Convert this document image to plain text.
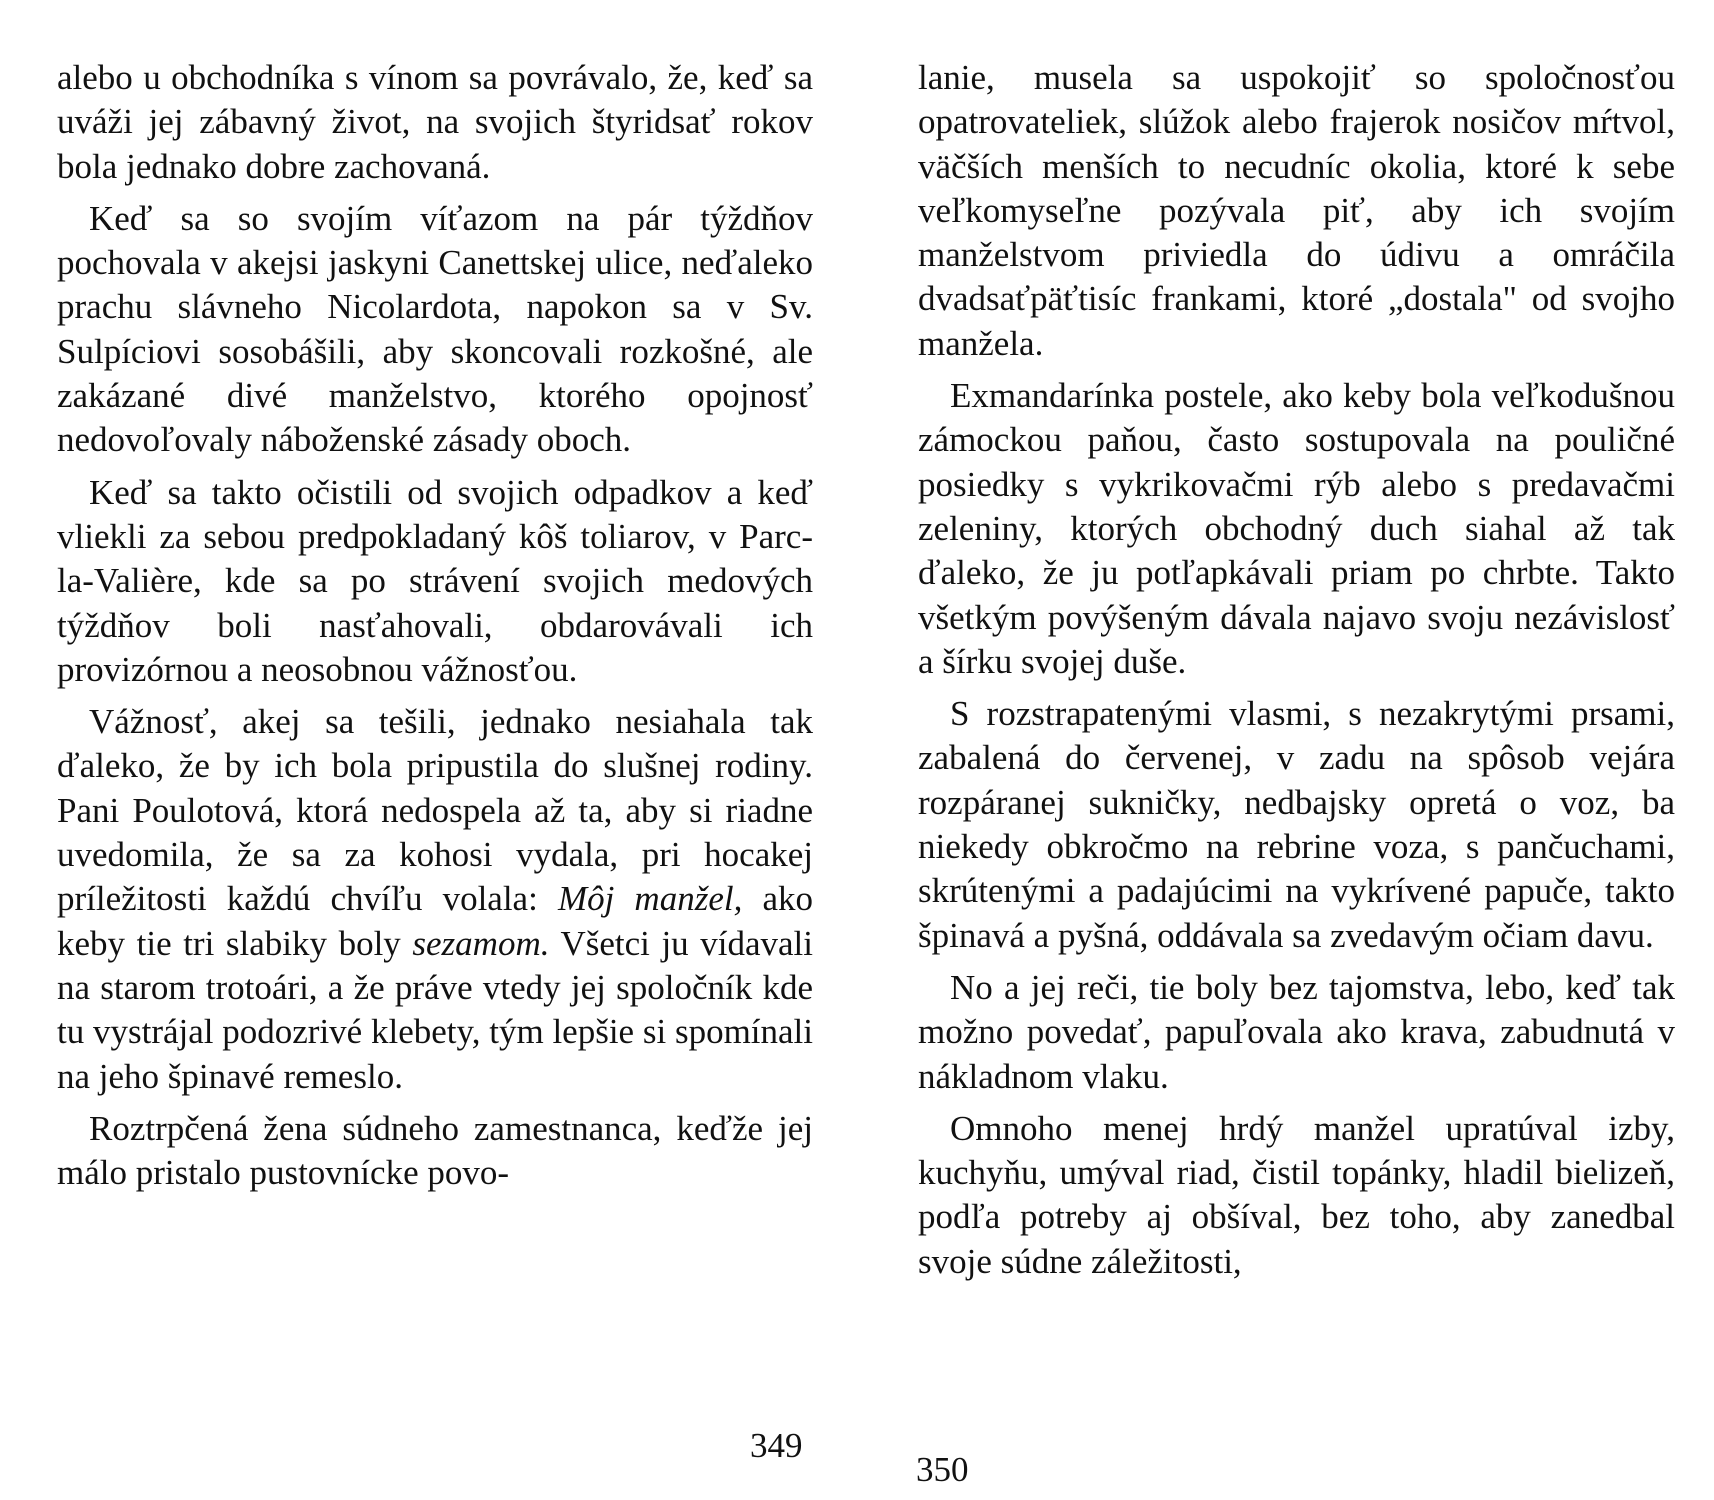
alebo u obchodníka s vínom sa povrávalo, že, keď sa uváži jej zábavný život, na svojich štyridsať rokov bola jednako dobre zachovaná.

Keď sa so svojím víťazom na pár týždňov pochovala v akejsi jaskyni Canettskej ulice, neďaleko prachu slávneho Nicolardota, napokon sa v Sv. Sulpíciovi sosobášili, aby skoncovali rozkošné, ale zakázané divé manželstvo, ktorého opojnosť nedovoľovaly náboženské zásady oboch.

Keď sa takto očistili od svojich odpadkov a keď vliekli za sebou predpokladaný kôš toliarov, v Parc-la-Valière, kde sa po strávení svojich medových týždňov boli nasťahovali, obdarovávali ich provizórnou a neosobnou vážnosťou.

Vážnosť, akej sa tešili, jednako nesiahala tak ďaleko, že by ich bola pripustila do slušnej rodiny. Pani Poulotová, ktorá nedospela až ta, aby si riadne uvedomila, že sa za kohosi vydala, pri hocakej príležitosti každú chvíľu volala: Môj manžel, ako keby tie tri slabiky boly sezamom. Všetci ju vídavali na starom trotoári, a že práve vtedy jej spoločník kde tu vystrájal podozrivé klebety, tým lepšie si spomínali na jeho špinavé remeslo.

Roztrpčená žena súdneho zamestnanca, keďže jej málo pristalo pustovnícke povo-

349

lanie, musela sa uspokojiť so spoločnosťou opatrovateliek, slúžok alebo frajerok nosičov mŕtvol, väčších menších to necudníc okolia, ktoré k sebe veľkomyseľne pozývala piť, aby ich svojím manželstvom priviedla do údivu a omráčila dvadsaťpäťtisíc frankami, ktoré „dostala" od svojho manžela.

Exmandarínka postele, ako keby bola veľkodušnou zámockou paňou, často sostupovala na pouličné posiedky s vykrikovačmi rýb alebo s predavačmi zeleniny, ktorých obchodný duch siahal až tak ďaleko, že ju potľapkávali priam po chrbte. Takto všetkým povýšeným dávala najavo svoju nezávislosť a šírku svojej duše.

S rozstrapatenými vlasmi, s nezakrytými prsami, zabalená do červenej, v zadu na spôsob vejára rozpáranej sukničky, nedbajsky opretá o voz, ba niekedy obkročmo na rebrine voza, s pančuchami, skrútenými a padajúcimi na vykrívené papuče, takto špinavá a pyšná, oddávala sa zvedavým očiam davu.

No a jej reči, tie boly bez tajomstva, lebo, keď tak možno povedať, papuľovala ako krava, zabudnutá v nákladnom vlaku.

Omnoho menej hrdý manžel upratúval izby, kuchyňu, umýval riad, čistil topánky, hladil bielizeň, podľa potreby aj obšíval, bez toho, aby zanedbal svoje súdne záležitosti,

350
